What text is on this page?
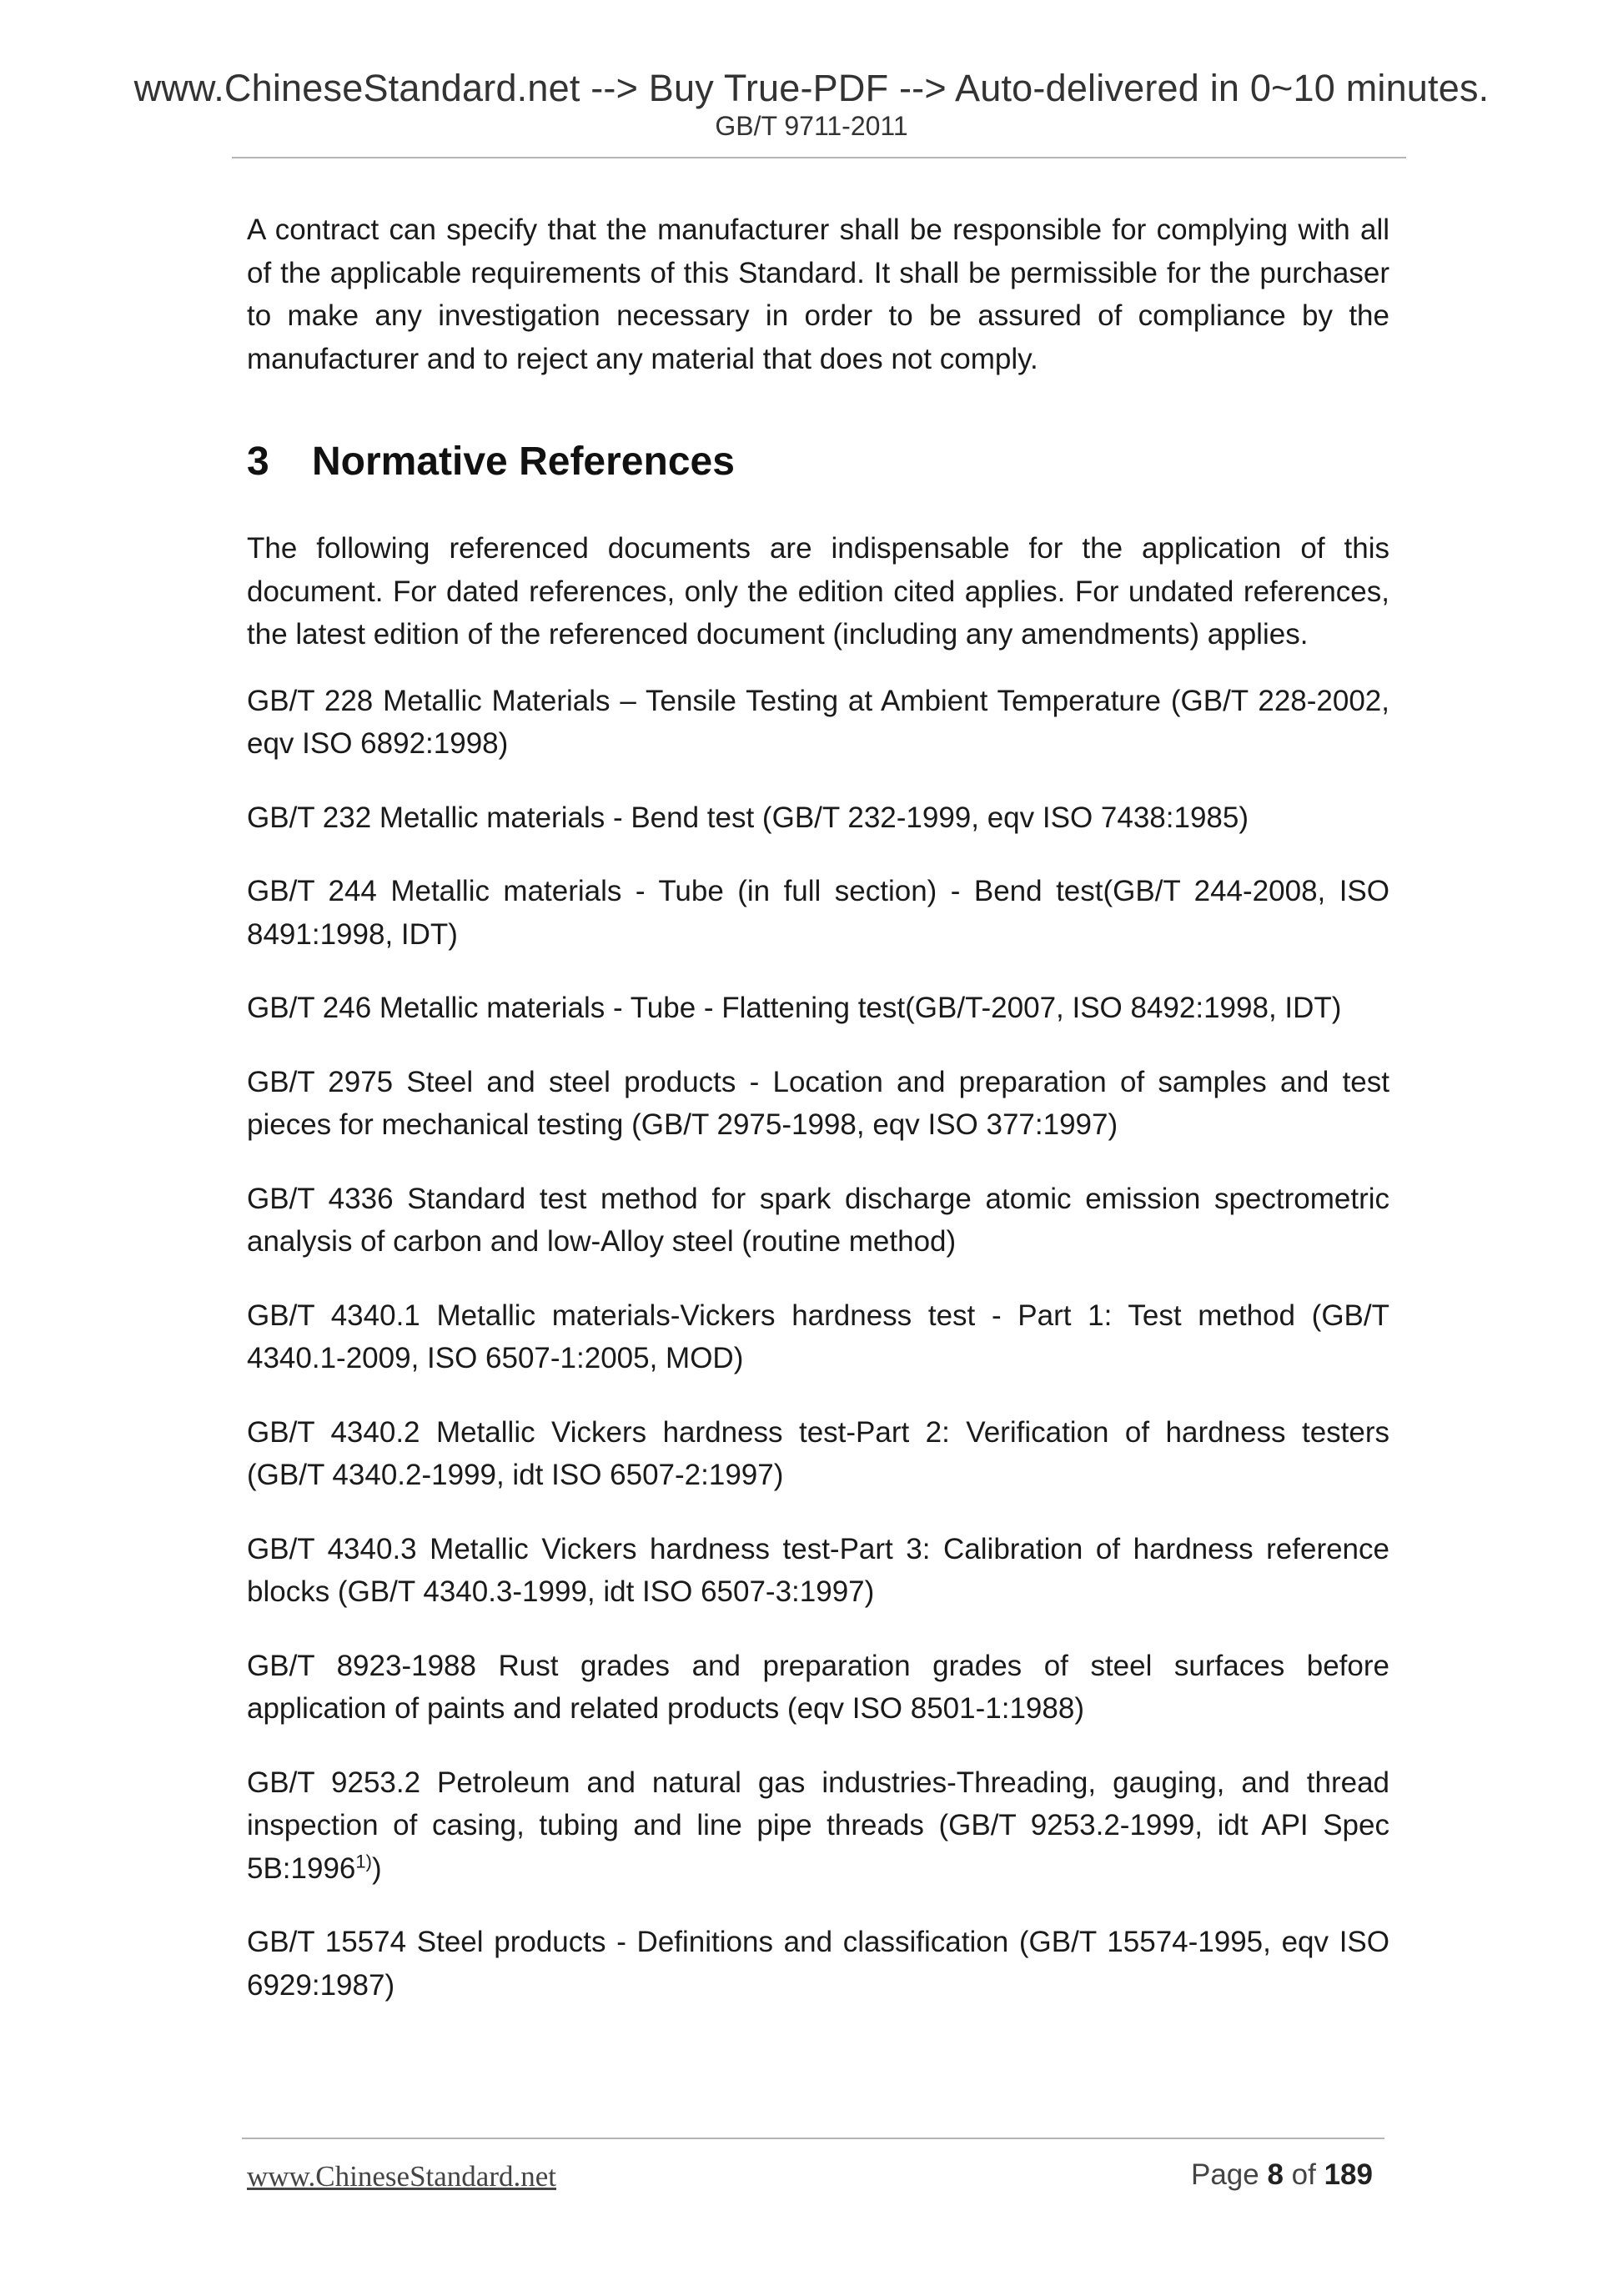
www.ChineseStandard.net --> Buy True-PDF --> Auto-delivered in 0~10 minutes.
GB/T 9711-2011

A contract can specify that the manufacturer shall be responsible for complying with all of the applicable requirements of this Standard. It shall be permissible for the purchaser to make any investigation necessary in order to be assured of compliance by the manufacturer and to reject any material that does not comply.

3	Normative References

The following referenced documents are indispensable for the application of this document. For dated references, only the edition cited applies. For undated references, the latest edition of the referenced document (including any amendments) applies.

GB/T 228 Metallic Materials – Tensile Testing at Ambient Temperature (GB/T 228-2002, eqv ISO 6892:1998)

GB/T 232 Metallic materials - Bend test (GB/T 232-1999, eqv ISO 7438:1985)

GB/T 244 Metallic materials - Tube (in full section) - Bend test(GB/T 244-2008, ISO 8491:1998, IDT)

GB/T 246 Metallic materials - Tube - Flattening test(GB/T-2007, ISO 8492:1998, IDT)

GB/T 2975 Steel and steel products - Location and preparation of samples and test pieces for mechanical testing (GB/T 2975-1998, eqv ISO 377:1997)

GB/T 4336 Standard test method for spark discharge atomic emission spectrometric analysis of carbon and low-Alloy steel (routine method)

GB/T 4340.1 Metallic materials-Vickers hardness test - Part 1: Test method (GB/T 4340.1-2009, ISO 6507-1:2005, MOD)

GB/T 4340.2 Metallic Vickers hardness test-Part 2: Verification of hardness testers (GB/T 4340.2-1999, idt ISO 6507-2:1997)

GB/T 4340.3 Metallic Vickers hardness test-Part 3: Calibration of hardness reference blocks (GB/T 4340.3-1999, idt ISO 6507-3:1997)

GB/T 8923-1988 Rust grades and preparation grades of steel surfaces before application of paints and related products (eqv ISO 8501-1:1988)

GB/T 9253.2 Petroleum and natural gas industries-Threading, gauging, and thread inspection of casing, tubing and line pipe threads (GB/T 9253.2-1999, idt API Spec 5B:1996$^{1)}$)

GB/T 15574 Steel products - Definitions and classification (GB/T 15574-1995, eqv ISO 6929:1987)

www.ChineseStandard.net	Page 8 of 189
